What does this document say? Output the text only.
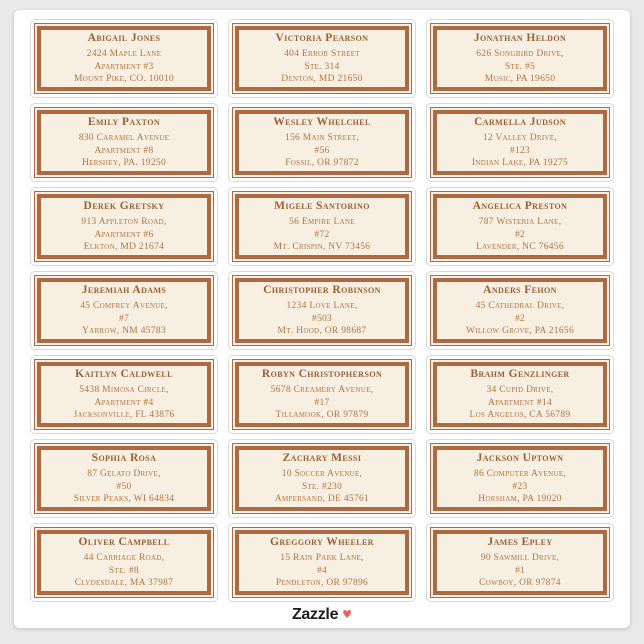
Abigail Jones
2424 Maple Lane
Apartment #3
Mount Pike, CO. 10010
Victoria Pearson
404 Error Street
Ste. 314
Denton, MD 21650
Jonathan Heldon
626 Songbird Drive,
Ste. #5
Music, PA 19650
Emily Paxton
830 Caramel Avenue
Apartment #8
Hershey, PA. 19250
Wesley Whelchel
156 Main Street,
#56
Fossil, OR 97872
Carmella Judson
12 Valley Drive,
#123
Indian Lake, PA 19275
Derek Gretsky
913 Appleton Road,
Apartment #6
Elkton, MD 21674
Migele Santorino
56 Empire Lane
#72
Mt. Crispin, NV 73456
Angelica Preston
787 Wisteria Lane,
#2
Lavender, NC 76456
Jeremiah Adams
45 Comfrey Avenue,
#7
Yarrow, NM 45783
Christopher Robinson
1234 Love Lane,
#503
Mt. Hood, OR 98687
Anders Fehon
45 Cathedral Drive,
#2
Willow Grove, PA 21656
Kaitlyn Caldwell
5438 Mimosa Circle,
Apartment #4
Jacksonville, FL 43876
Robyn Christopherson
5678 Creamery Avenue,
#17
Tillamook, OR 97879
Brahm Genzlinger
34 Cupid Drive,
Apartment #14
Los Angelos, CA 56789
Sophia Rosa
87 Gelato Drive,
#50
Silver Peaks, WI 64834
Zachary Messi
10 Soccer Avenue,
Ste. #230
Ampersand, DE 45761
Jackson Uptown
86 Computer Avenue,
#23
Horsham, PA 19020
Oliver Campbell
44 Carriage Road,
Ste. #8
Clydesdale, MA 37987
Greggory Wheeler
15 Rain Park Lane,
#4
Pendleton, OR 97896
James Epley
90 Sawmill Drive,
#1
Cowboy, OR 97874
Zazzle ♥
